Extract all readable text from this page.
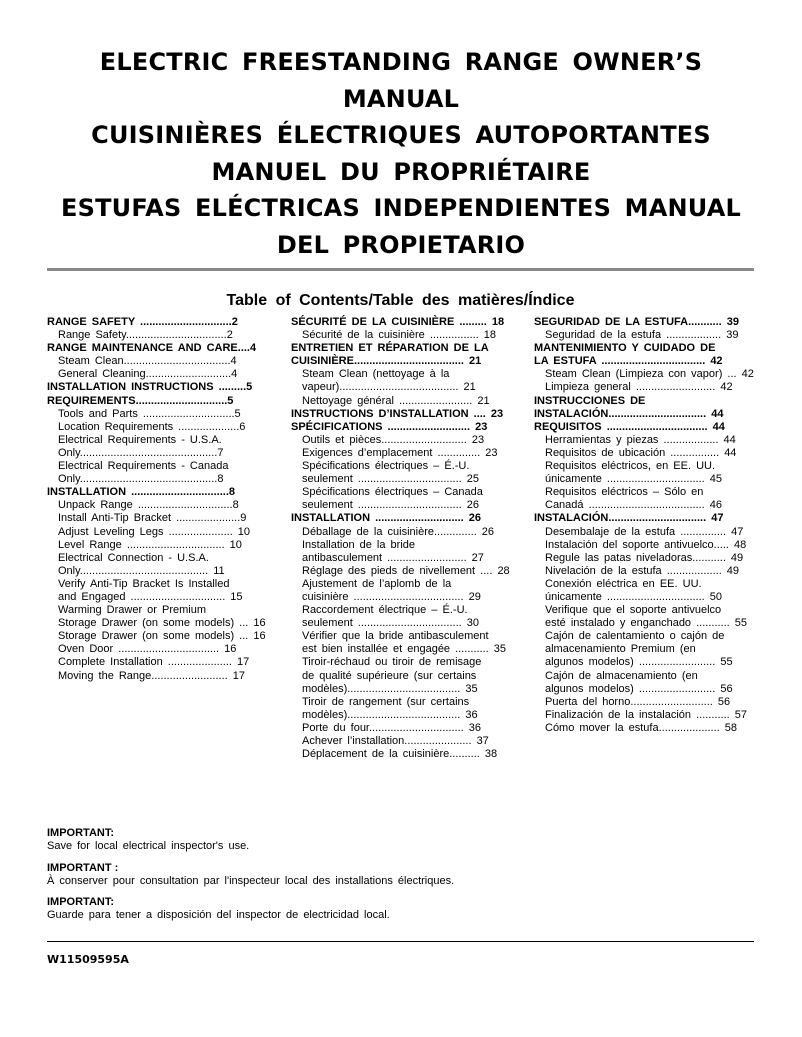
ELECTRIC FREESTANDING RANGE OWNER’S
MANUAL
CUISINIÈRES ÉLECTRIQUES AUTOPORTANTES
MANUEL DU PROPRIÉTAIRE
ESTUFAS ELÉCTRICAS INDEPENDIENTES MANUAL
DEL PROPIETARIO
Table of Contents/Table des matières/Índice
RANGE SAFETY ..............................2
Range Safety.................................2
RANGE MAINTENANCE AND CARE....4
Steam Clean...................................4
General Cleaning............................4
INSTALLATION INSTRUCTIONS .........5
REQUIREMENTS..............................5
Tools and Parts ..............................5
Location Requirements ....................6
Electrical Requirements - U.S.A.
Only.............................................7
Electrical Requirements - Canada
Only.............................................8
INSTALLATION ................................8
Unpack Range ...............................8
Install Anti-Tip Bracket .....................9
Adjust Leveling Legs ..................... 10
Level Range ................................ 10
Electrical Connection - U.S.A.
Only.......................................... 11
Verify Anti-Tip Bracket Is Installed
and Engaged ............................... 15
Warming Drawer or Premium
Storage Drawer (on some models) ... 16
Storage Drawer (on some models) ... 16
Oven Door ................................. 16
Complete Installation ..................... 17
Moving the Range......................... 17
SÉCURITÉ DE LA CUISINIÈRE ......... 18
Sécurité de la cuisinière ................ 18
ENTRETIEN ET RÉPARATION DE LA
CUISINIÈRE.................................... 21
Steam Clean (nettoyage à la
vapeur)....................................... 21
Nettoyage général ........................ 21
INSTRUCTIONS D’INSTALLATION .... 23
SPÉCIFICATIONS ........................... 23
Outils et pièces............................ 23
Exigences d’emplacement .............. 23
Spécifications électriques – É.-U.
seulement .................................. 25
Spécifications électriques – Canada
seulement .................................. 26
INSTALLATION ............................. 26
Déballage de la cuisinière.............. 26
Installation de la bride
antibasculement .......................... 27
Réglage des pieds de nivellement .... 28
Ajustement de l’aplomb de la
cuisinière .................................... 29
Raccordement électrique – É.-U.
seulement .................................. 30
Vérifier que la bride antibasculement
est bien installée et engagée ........... 35
Tiroir-réchaud ou tiroir de remisage
de qualité supérieure (sur certains
modèles)..................................... 35
Tiroir de rangement (sur certains
modèles)..................................... 36
Porte du four............................... 36
Achever l’installation...................... 37
Déplacement de la cuisinière.......... 38
SEGURIDAD DE LA ESTUFA........... 39
Seguridad de la estufa .................. 39
MANTENIMIENTO Y CUIDADO DE
LA ESTUFA .................................. 42
Steam Clean (Limpieza con vapor) ... 42
Limpieza general .......................... 42
INSTRUCCIONES DE
INSTALACIÓN................................ 44
REQUISITOS ................................. 44
Herramientas y piezas .................. 44
Requisitos de ubicación ................ 44
Requisitos eléctricos, en EE. UU.
únicamente ................................ 45
Requisitos eléctricos – Sólo en
Canadá ...................................... 46
INSTALACIÓN................................ 47
Desembalaje de la estufa ............... 47
Instalación del soporte antivuelco..... 48
Regule las patas niveladoras........... 49
Nivelación de la estufa .................. 49
Conexión eléctrica en EE. UU.
únicamente ................................ 50
Verifique que el soporte antivuelco
esté instalado y enganchado ........... 55
Cajón de calentamiento o cajón de
almacenamiento Premium (en
algunos modelos) ......................... 55
Cajón de almacenamiento (en
algunos modelos) ......................... 56
Puerta del horno........................... 56
Finalización de la instalación ........... 57
Cómo mover la estufa.................... 58
IMPORTANT:
Save for local electrical inspector's use.
IMPORTANT :
À conserver pour consultation par l'inspecteur local des installations électriques.
IMPORTANT:
Guarde para tener a disposición del inspector de electricidad local.
W11509595A
